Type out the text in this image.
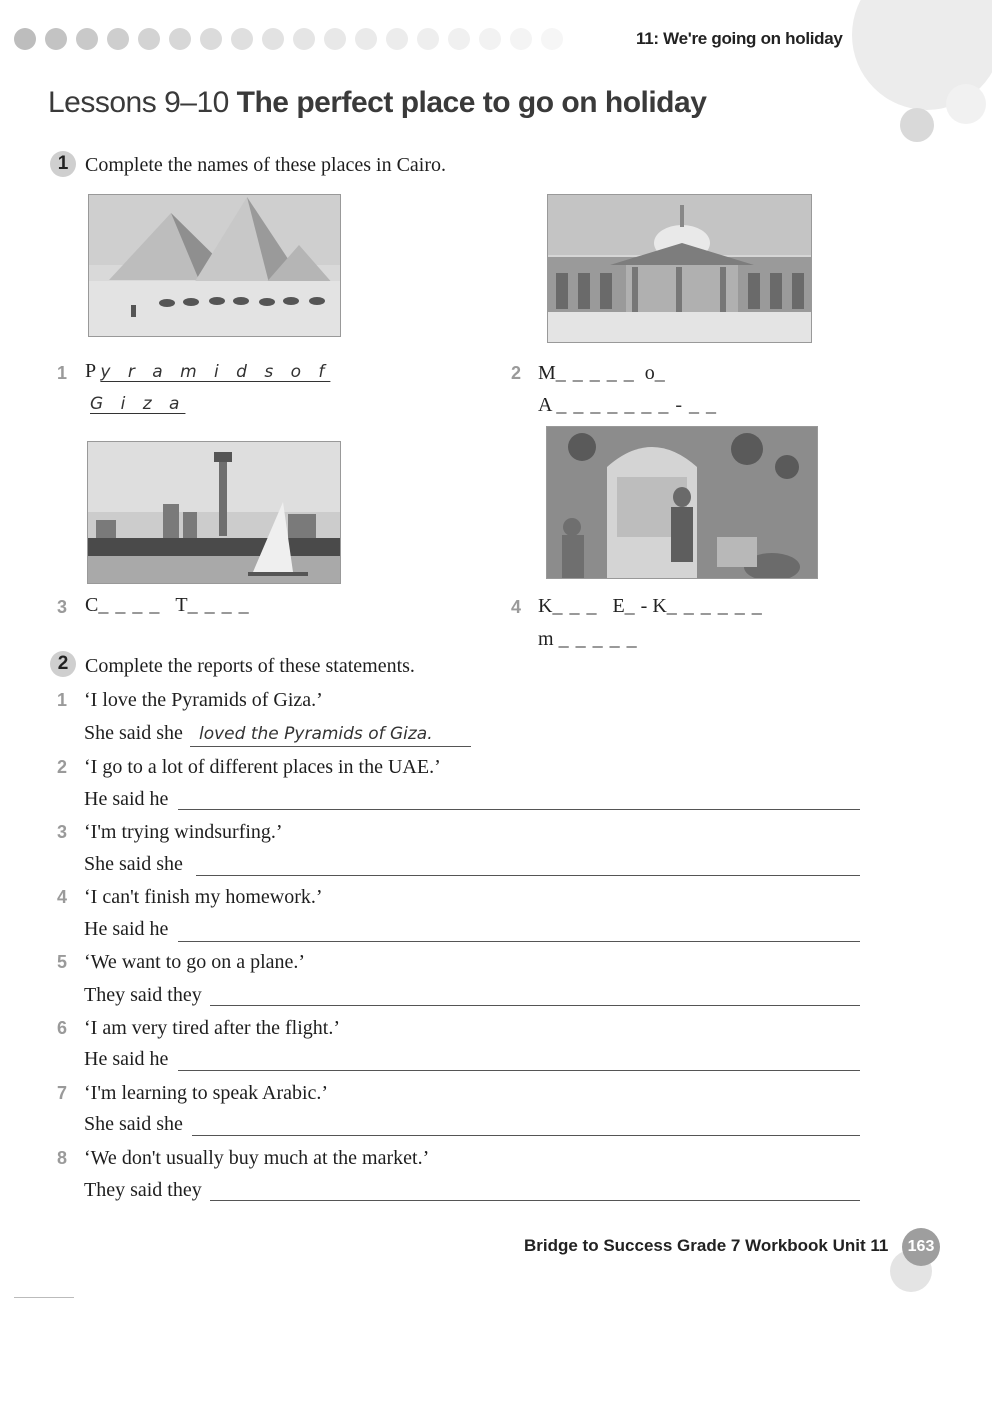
11: We're going on holiday
Lessons 9–10 The perfect place to go on holiday
1 Complete the names of these places in Cairo.
1 P y r a m i d s o f
G i z a
2 M_ _ _ _ _ o_
A _ _ _ _ _ _ _ - _ _
3 C_ _ _ _ T_ _ _ _	4 K_ _ _ E_ - K_ _ _ _ _ _
m _ _ _ _ _
2 Complete the reports of these statements.
1 ‘I love the Pyramids of Giza.’
She said she loved the Pyramids of Giza.
2 ‘I go to a lot of different places in the UAE.’
He said he
3 ‘I'm trying windsurfing.’
She said she
4 ‘I can't finish my homework.’
He said he
5 ‘We want to go on a plane.’
They said they
6 ‘I am very tired after the flight.’
He said he
7 ‘I'm learning to speak Arabic.’
She said she
8 ‘We don't usually buy much at the market.’
They said they
Bridge to Success Grade 7 Workbook Unit 11	163
